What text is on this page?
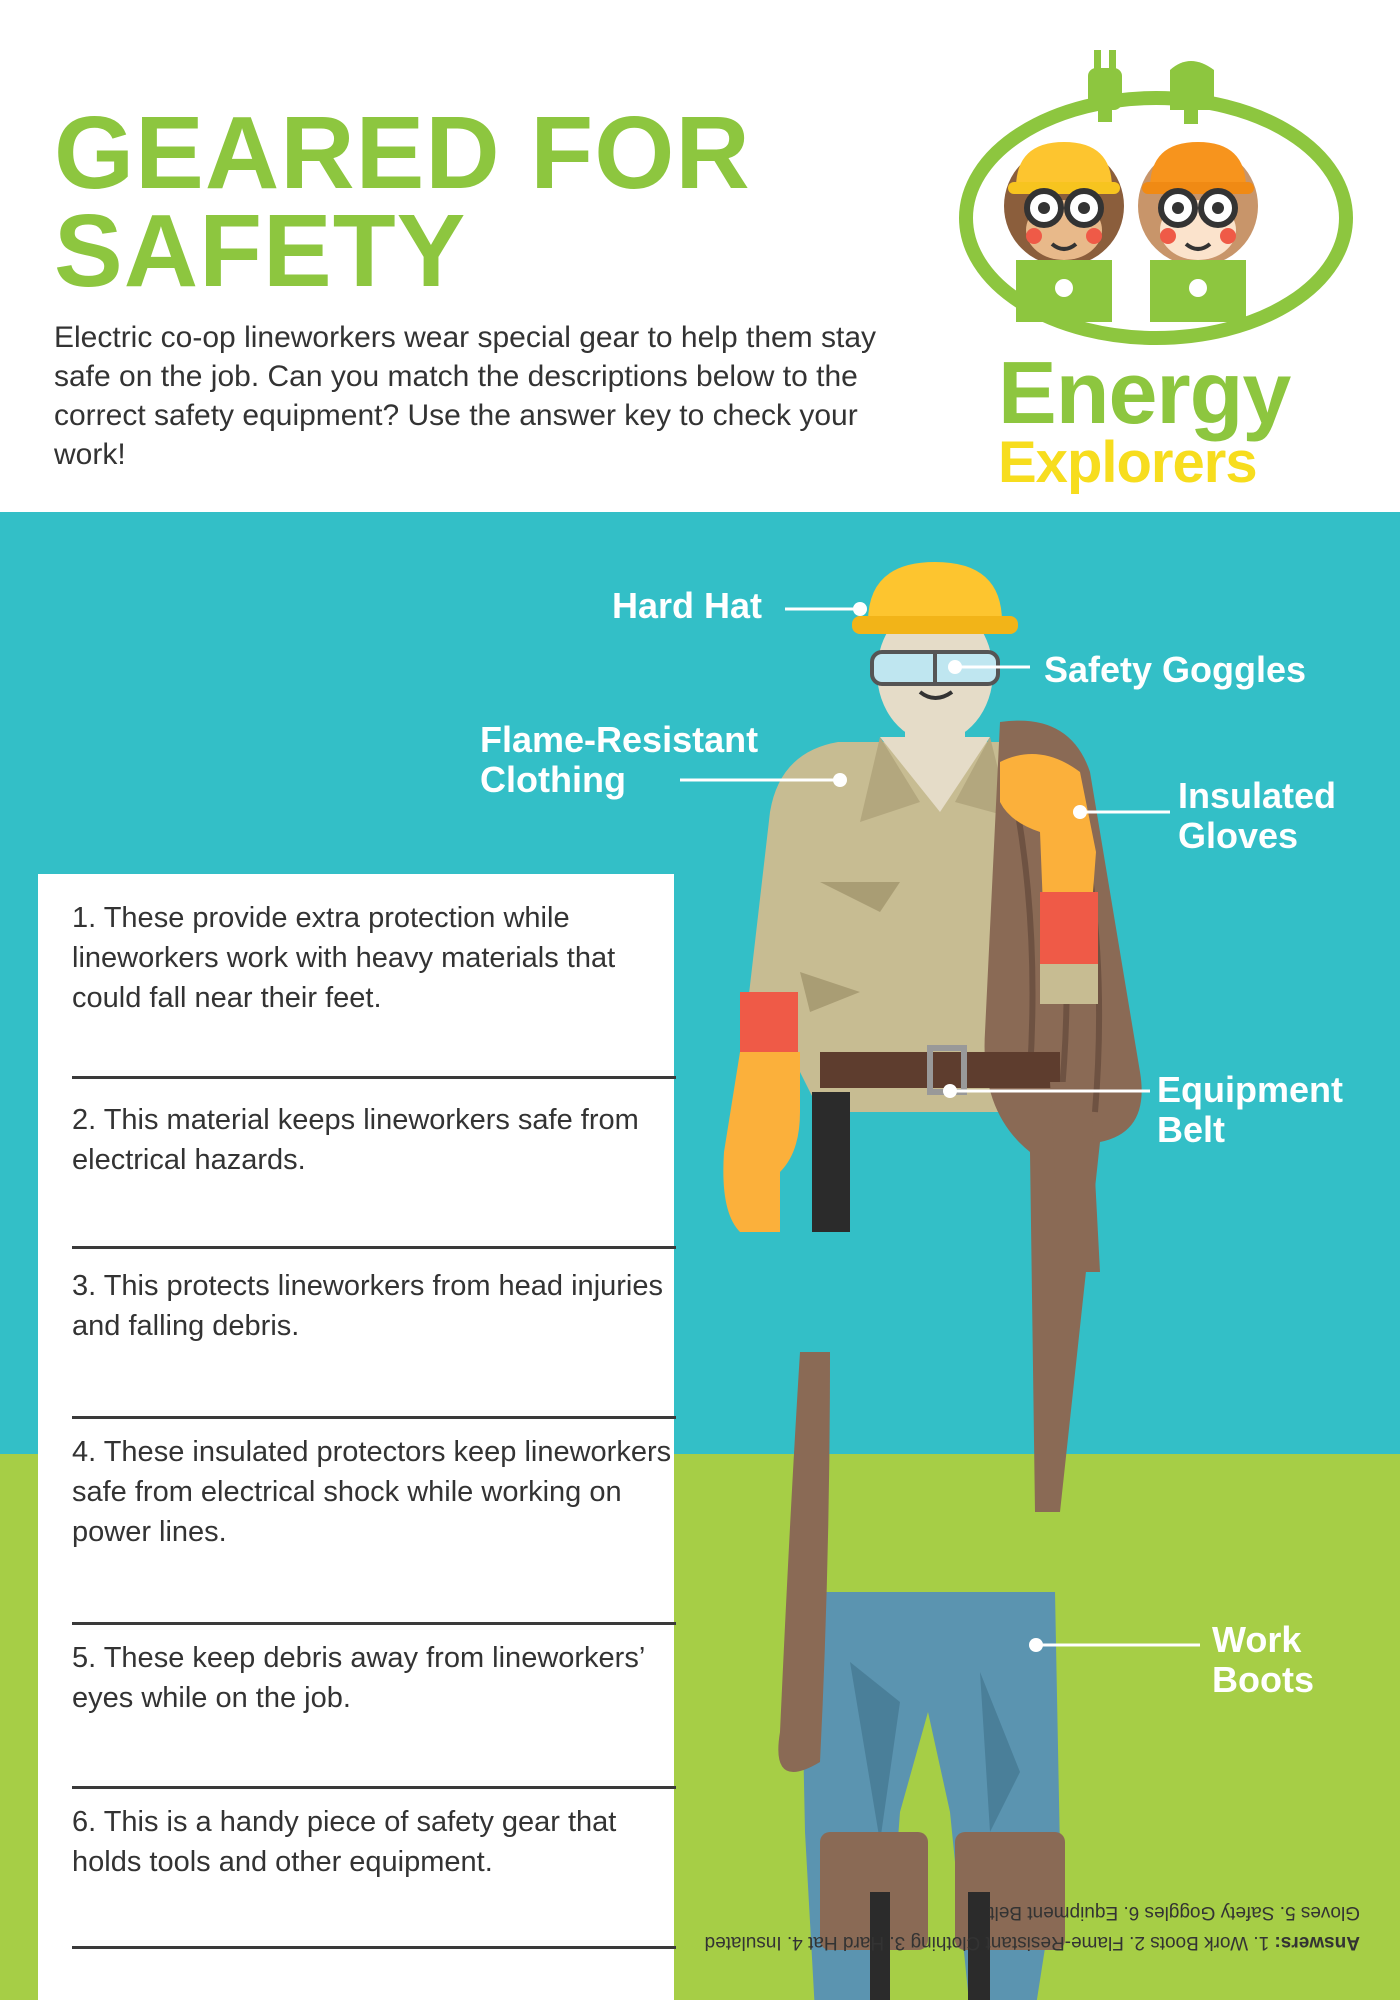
GEARED FOR
SAFETY

Electric co-op lineworkers wear special gear to help them stay safe on the job. Can you match the descriptions below to the correct safety equipment? Use the answer key to check your work!

Energy

Explorers

Hard Hat

Safety Goggles

Flame-Resistant
Clothing	Insulated
Gloves
Equipment
Belt
Work
Boots

1. These provide extra protection while lineworkers work with heavy materials that could fall near their feet.

2. This material keeps lineworkers safe from electrical hazards.

3. This protects lineworkers from head injuries and falling debris.

4. These insulated protectors keep lineworkers safe from electrical shock while working on power lines.

5. These keep debris away from lineworkers’ eyes while on the job.

6. This is a handy piece of safety gear that holds tools and other equipment.

Answers: 1. Work Boots 2. Flame-Resistant Clothing 3. Hard Hat 4. Insulated Gloves 5. Safety Goggles 6. Equipment Belt
